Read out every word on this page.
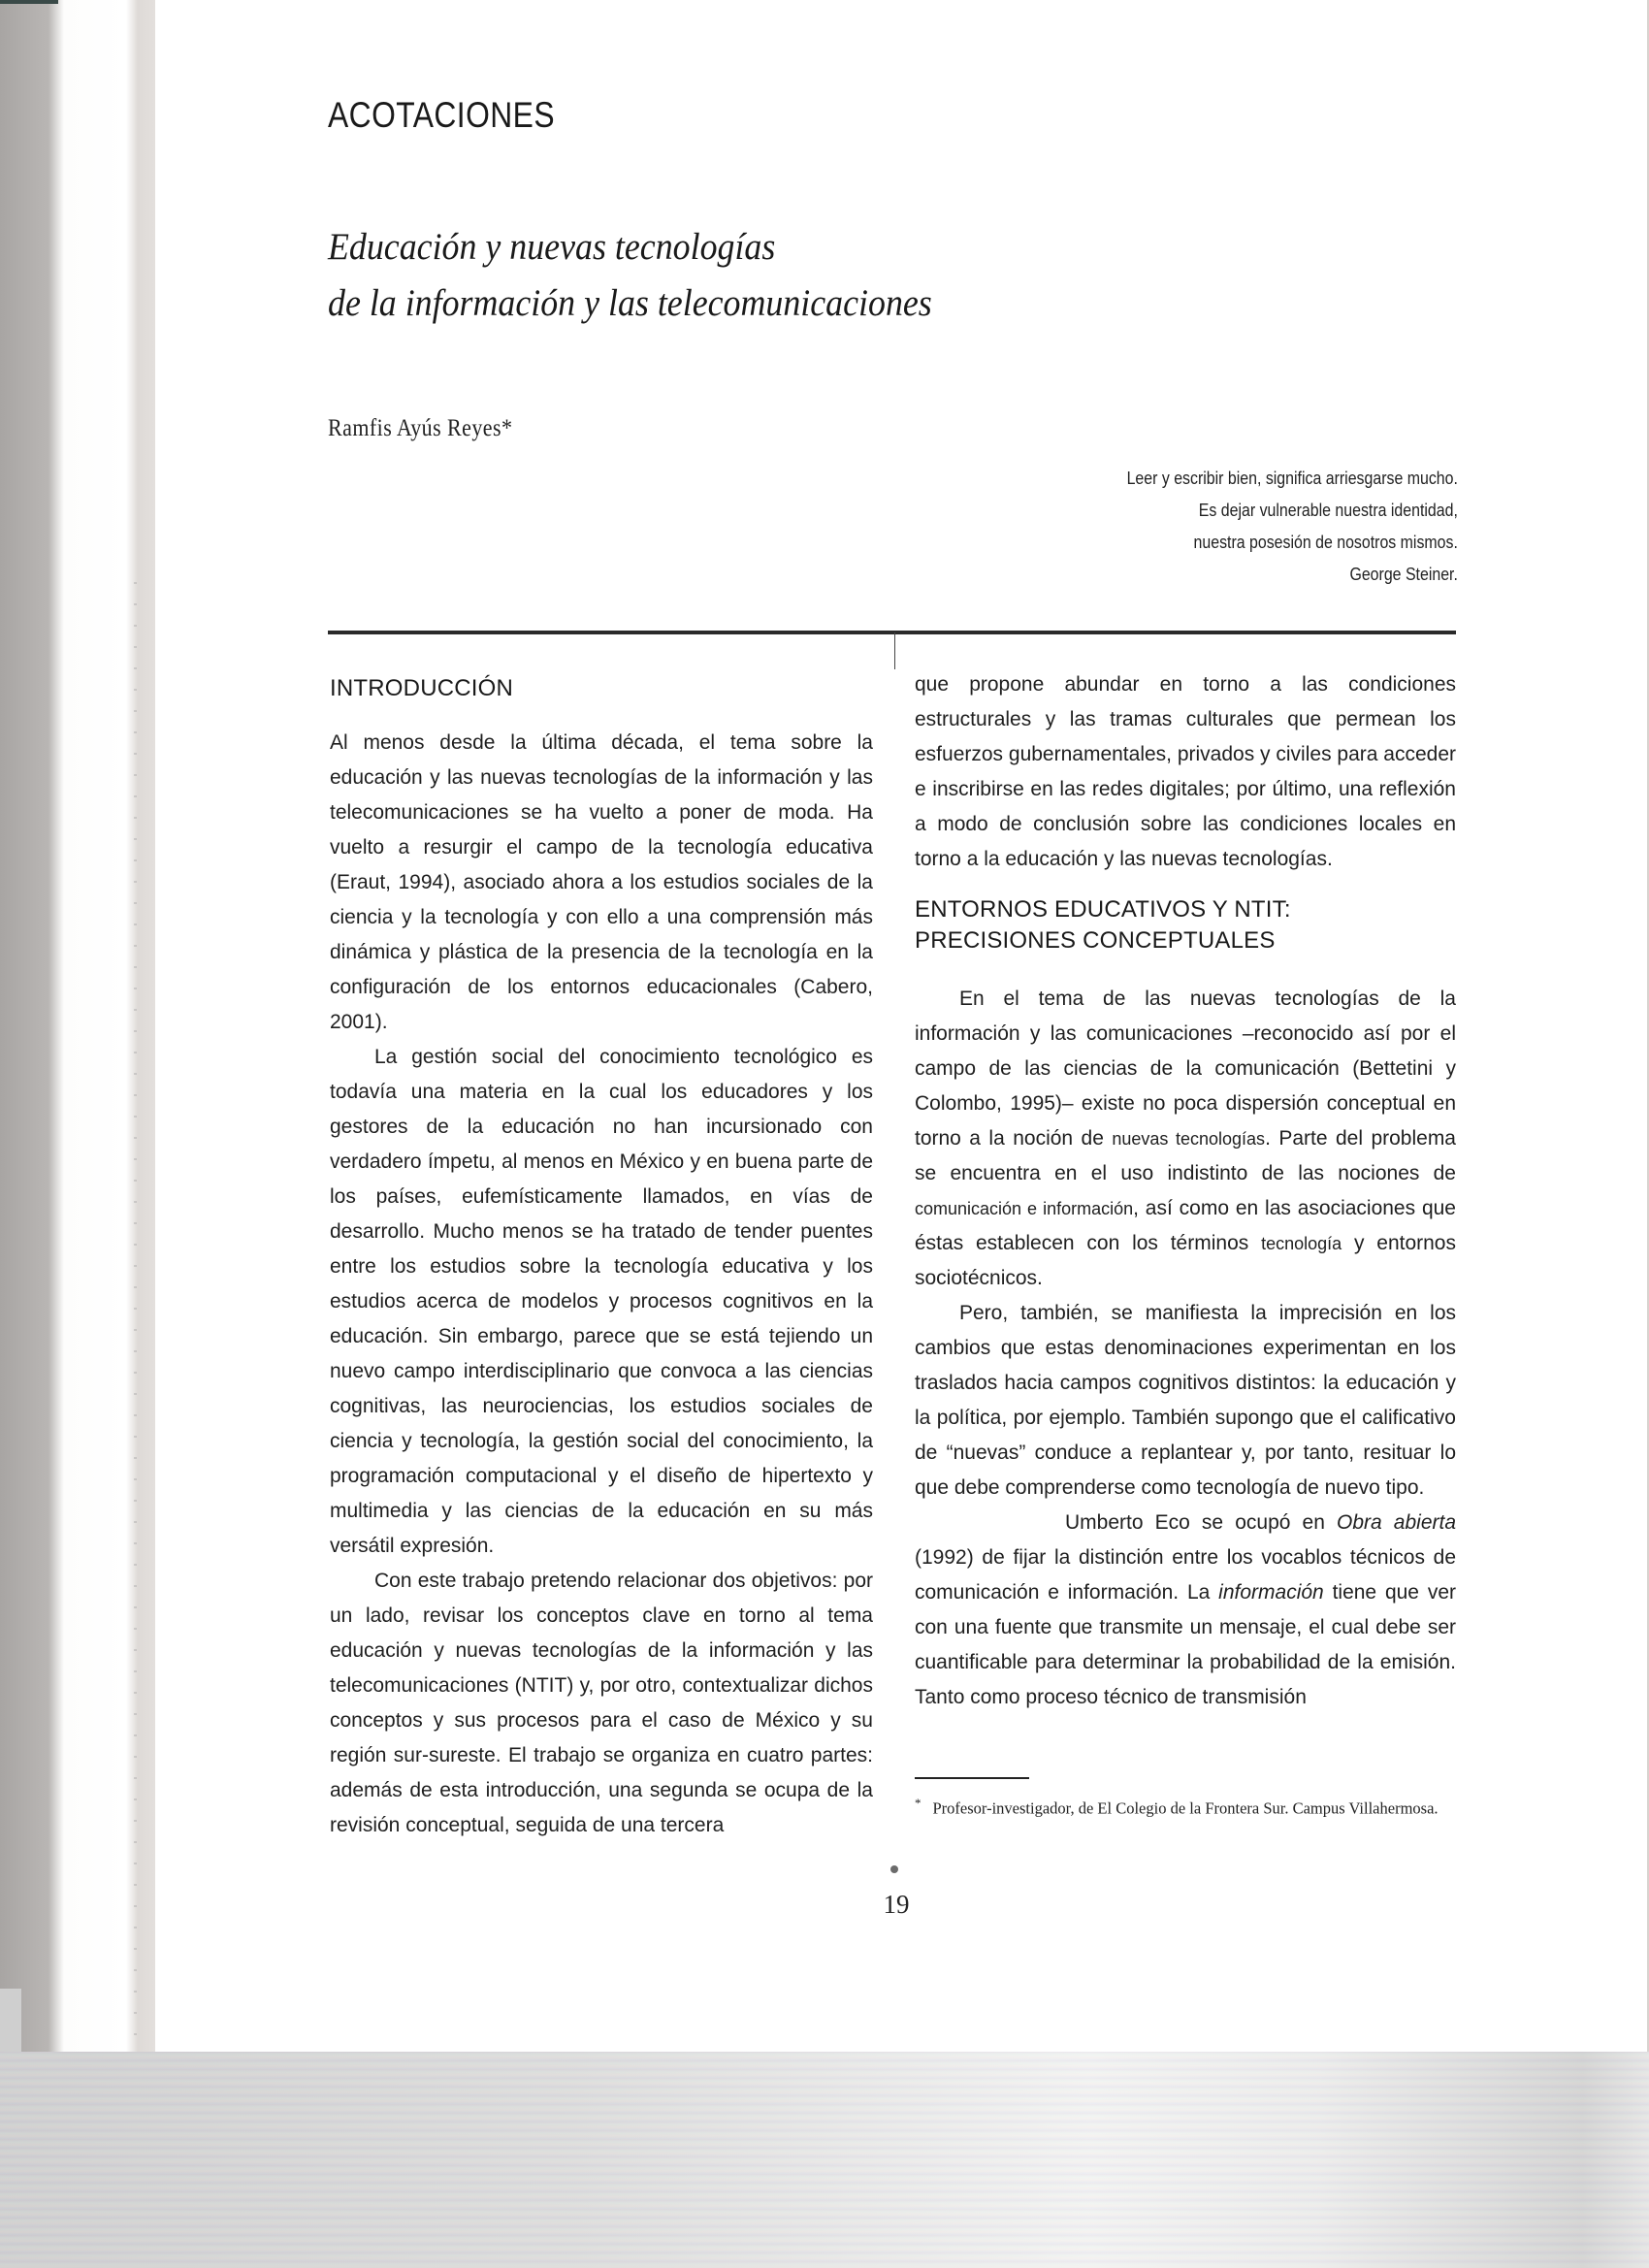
ACOTACIONES
Educación y nuevas tecnologías
de la información y las telecomunicaciones
Ramfis Ayús Reyes*
Leer y escribir bien, significa arriesgarse mucho.
Es dejar vulnerable nuestra identidad,
nuestra posesión de nosotros mismos.
George Steiner.
INTRODUCCIÓN

Al menos desde la última década, el tema sobre la educación y las nuevas tecnologías de la información y las telecomunicaciones se ha vuelto a poner de moda. Ha vuelto a resurgir el campo de la tecnología educativa (Eraut, 1994), asociado ahora a los estudios sociales de la ciencia y la tecnología y con ello a una comprensión más dinámica y plástica de la presencia de la tecnología en la configuración de los entornos educacionales (Cabero, 2001).

La gestión social del conocimiento tecnológico es todavía una materia en la cual los educadores y los gestores de la educación no han incursionado con verdadero ímpetu, al menos en México y en buena parte de los países, eufemísticamente llamados, en vías de desarrollo. Mucho menos se ha tratado de tender puentes entre los estudios sobre la tecnología educativa y los estudios acerca de modelos y procesos cognitivos en la educación. Sin embargo, parece que se está tejiendo un nuevo campo interdisciplinario que convoca a las ciencias cognitivas, las neurociencias, los estudios sociales de ciencia y tecnología, la gestión social del conocimiento, la programación computacional y el diseño de hipertexto y multimedia y las ciencias de la educación en su más versátil expresión.

Con este trabajo pretendo relacionar dos objetivos: por un lado, revisar los conceptos clave en torno al tema educación y nuevas tecnologías de la información y las telecomunicaciones (NTIT) y, por otro, contextualizar dichos conceptos y sus procesos para el caso de México y su región sur-sureste. El trabajo se organiza en cuatro partes: además de esta introducción, una segunda se ocupa de la revisión conceptual, seguida de una tercera

que propone abundar en torno a las condiciones estructurales y las tramas culturales que permean los esfuerzos gubernamentales, privados y civiles para acceder e inscribirse en las redes digitales; por último, una reflexión a modo de conclusión sobre las condiciones locales en torno a la educación y las nuevas tecnologías.

ENTORNOS EDUCATIVOS Y NTIT: PRECISIONES CONCEPTUALES

En el tema de las nuevas tecnologías de la información y las comunicaciones –reconocido así por el campo de las ciencias de la comunicación (Bettetini y Colombo, 1995)– existe no poca dispersión conceptual en torno a la noción de nuevas tecnologías. Parte del problema se encuentra en el uso indistinto de las nociones de comunicación e información, así como en las asociaciones que éstas establecen con los términos tecnología y entornos sociotécnicos.

Pero, también, se manifiesta la imprecisión en los cambios que estas denominaciones experimentan en los traslados hacia campos cognitivos distintos: la educación y la política, por ejemplo. También supongo que el calificativo de “nuevas” conduce a replantear y, por tanto, resituar lo que debe comprenderse como tecnología de nuevo tipo.

Umberto Eco se ocupó en Obra abierta (1992) de fijar la distinción entre los vocablos técnicos de comunicación e información. La información tiene que ver con una fuente que transmite un mensaje, el cual debe ser cuantificable para determinar la probabilidad de la emisión. Tanto como proceso técnico de transmisión

* Profesor-investigador, de El Colegio de la Frontera Sur. Campus Villahermosa.
19
